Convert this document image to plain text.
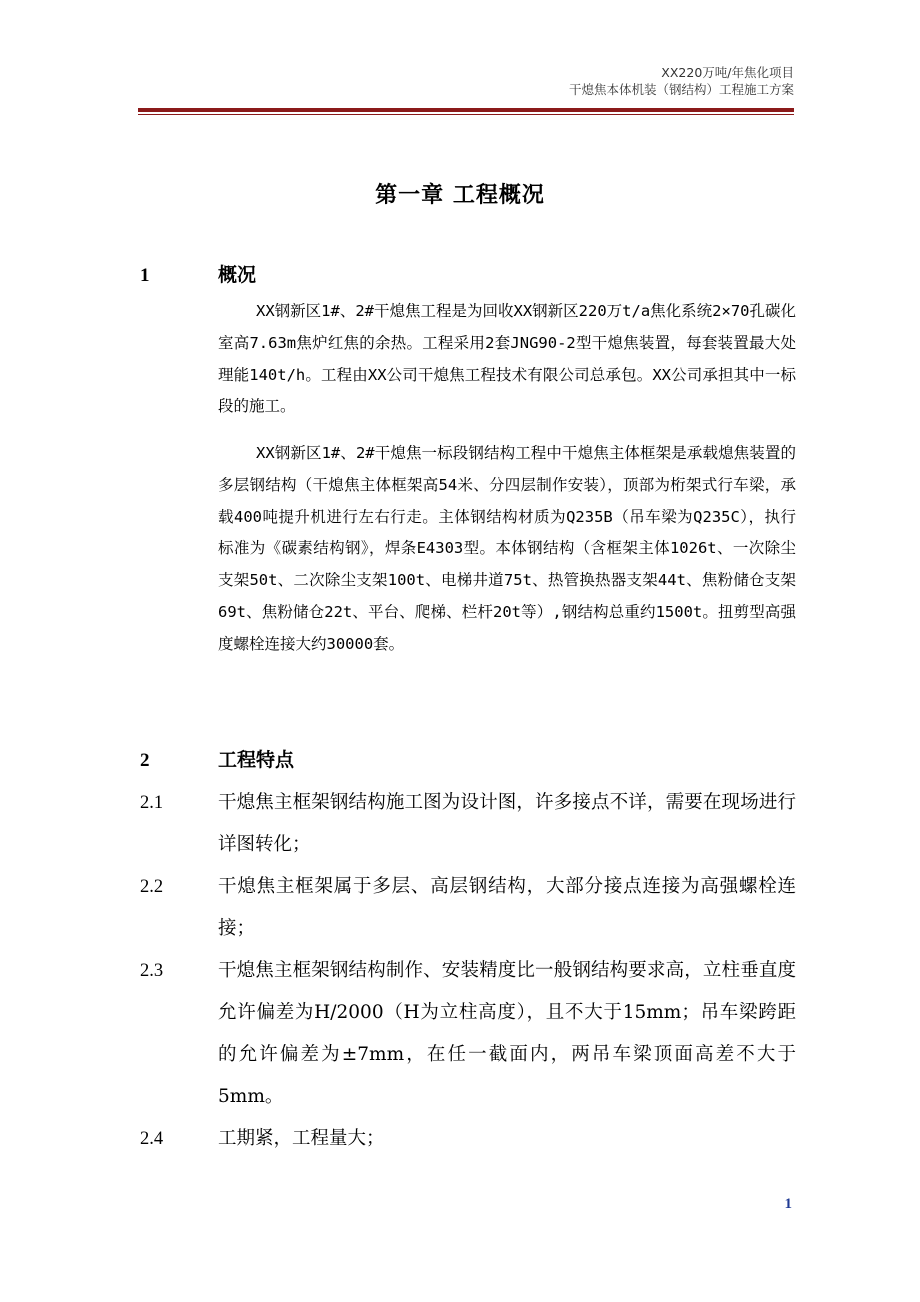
XX220万吨/年焦化项目
干熄焦本体机装（钢结构）工程施工方案
第一章 工程概况
1	概况
XX钢新区1#、2#干熄焦工程是为回收XX钢新区220万t/a焦化系统2×70孔碳化室高7.63m焦炉红焦的余热。工程采用2套JNG90-2型干熄焦装置，每套装置最大处理能140t/h。工程由XX公司干熄焦工程技术有限公司总承包。XX公司承担其中一标段的施工。
XX钢新区1#、2#干熄焦一标段钢结构工程中干熄焦主体框架是承载熄焦装置的多层钢结构（干熄焦主体框架高54米、分四层制作安装），顶部为桁架式行车梁，承载400吨提升机进行左右行走。主体钢结构材质为Q235B（吊车梁为Q235C），执行标准为《碳素结构钢》，焊条E4303型。本体钢结构（含框架主体1026t、一次除尘支架50t、二次除尘支架100t、电梯井道75t、热管换热器支架44t、焦粉储仓支架69t、焦粉储仓22t、平台、爬梯、栏杆20t等）,钢结构总重约1500t。扭剪型高强度螺栓连接大约30000套。
2	工程特点
2.1	干熄焦主框架钢结构施工图为设计图，许多接点不详，需要在现场进行详图转化；
2.2	干熄焦主框架属于多层、高层钢结构，大部分接点连接为高强螺栓连接；
2.3	干熄焦主框架钢结构制作、安装精度比一般钢结构要求高，立柱垂直度允许偏差为H/2000（H为立柱高度），且不大于15mm；吊车梁跨距的允许偏差为±7mm，在任一截面内，两吊车梁顶面高差不大于5mm。
2.4	工期紧，工程量大；
1
